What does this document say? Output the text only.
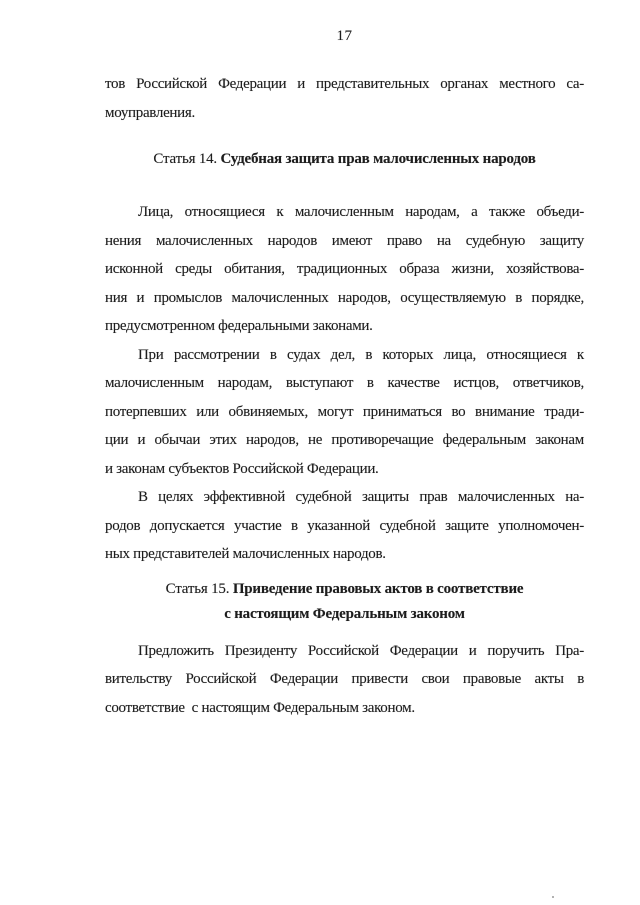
17
тов Российской Федерации и представительных органах местного са-
моуправления.
Статья 14. Судебная защита прав малочисленных народов
Лица, относящиеся к малочисленным народам, а также объеди-
нения малочисленных народов имеют право на судебную защиту
исконной среды обитания, традиционных образа жизни, хозяйствова-
ния и промыслов малочисленных народов, осуществляемую в порядке,
предусмотренном федеральными законами.
При рассмотрении в судах дел, в которых лица, относящиеся к
малочисленным народам, выступают в качестве истцов, ответчиков,
потерпевших или обвиняемых, могут приниматься во внимание тради-
ции и обычаи этих народов, не противоречащие федеральным законам
и законам субъектов Российской Федерации.
В целях эффективной судебной защиты прав малочисленных на-
родов допускается участие в указанной судебной защите уполномочен-
ных представителей малочисленных народов.
Статья 15. Приведение правовых актов в соответствие
с настоящим Федеральным законом
Предложить Президенту Российской Федерации и поручить Пра-
вительству Российской Федерации привести свои правовые акты в
соответствие  с настоящим Федеральным законом.
